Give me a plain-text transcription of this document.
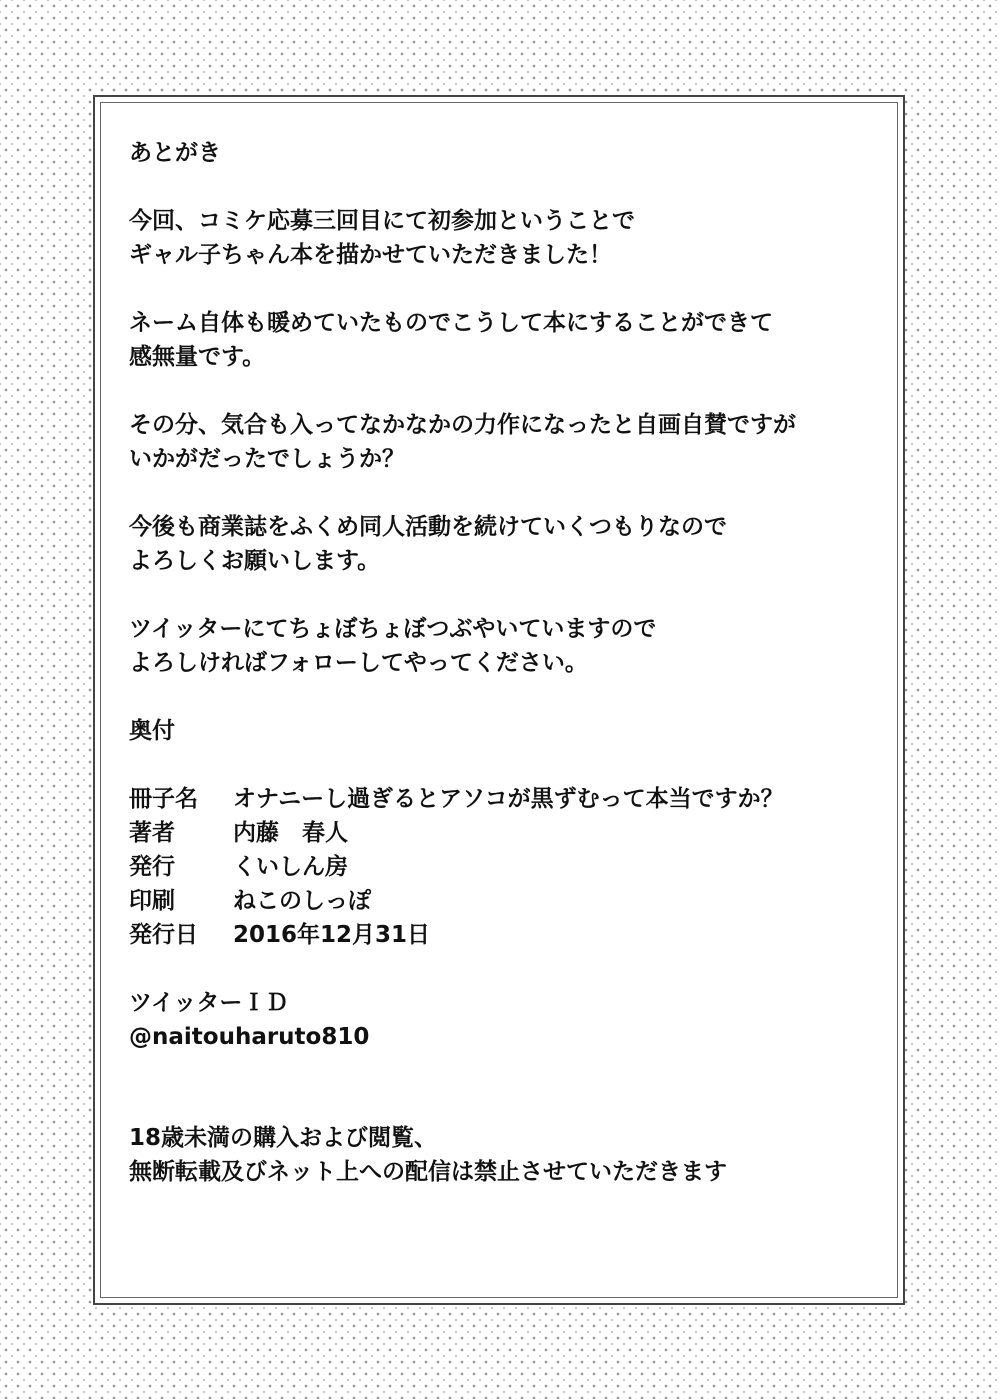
あとがき

今回、コミケ応募三回目にて初参加ということで

ギャル子ちゃん本を描かせていただきました！

ネーム自体も暖めていたものでこうして本にすることができて

感無量です。

その分、気合も入ってなかなかの力作になったと自画自賛ですが

いかがだったでしょうか？

今後も商業誌をふくめ同人活動を続けていくつもりなので

よろしくお願いします。

ツイッターにてちょぼちょぼつぶやいていますので

よろしければフォローしてやってください。

奥付

冊子名	オナニーし過ぎるとアソコが黒ずむって本当ですか？
著者	内藤　春人
発行	くいしん房
印刷	ねこのしっぽ
発行日	2016年12月31日

ツイッターＩＤ

@naitouharuto810

18歳未満の購入および閲覧、

無断転載及びネット上への配信は禁止させていただきます
